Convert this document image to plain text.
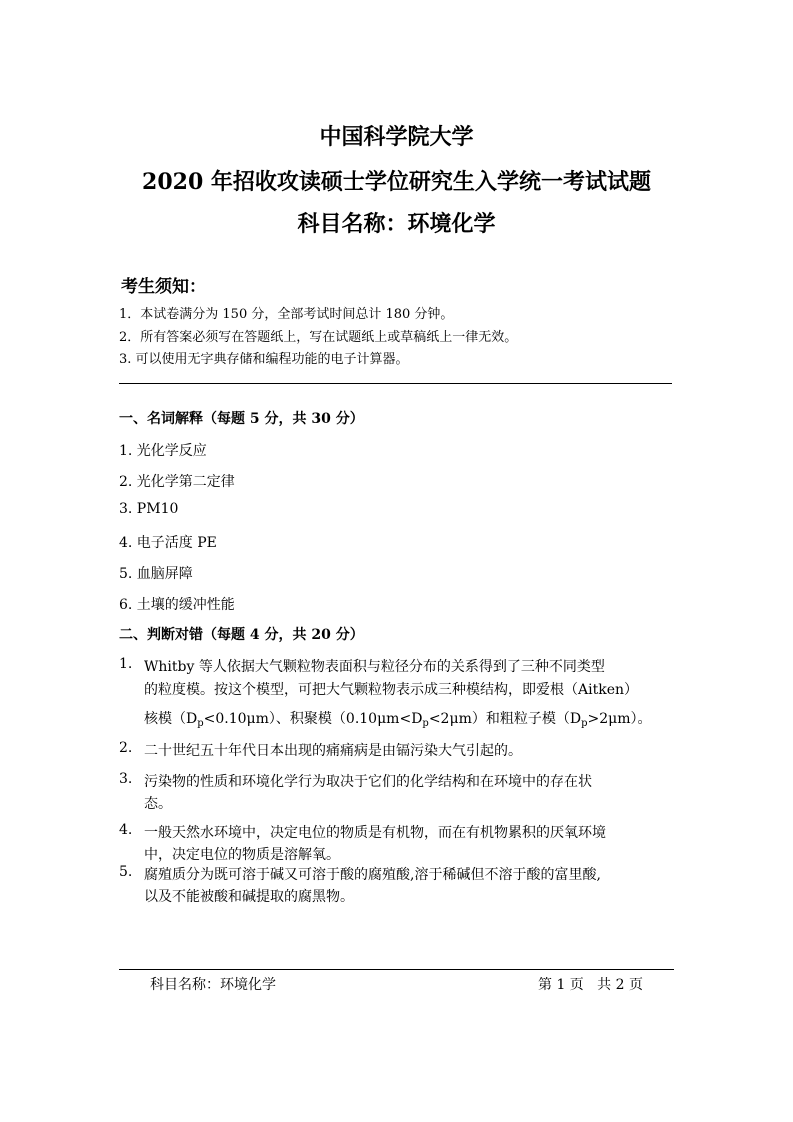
中国科学院大学
2020 年招收攻读硕士学位研究生入学统一考试试题
科目名称：环境化学
考生须知：
1．本试卷满分为 150 分，全部考试时间总计 180 分钟。
2．所有答案必须写在答题纸上，写在试题纸上或草稿纸上一律无效。
3. 可以使用无字典存储和编程功能的电子计算器。
一、名词解释（每题 5 分，共 30 分）
1. 光化学反应
2. 光化学第二定律
3. PM10
4. 电子活度 PE
5. 血脑屏障
6. 土壤的缓冲性能
二、判断对错（每题 4 分，共 20 分）
1. Whitby 等人依据大气颗粒物表面积与粒径分布的关系得到了三种不同类型
的粒度模。按这个模型，可把大气颗粒物表示成三种模结构，即爱根（Aitken）
核模$(D_p<0.10\mu m)$、积聚模$(0.10\mu m<D_p<2\mu m)$和粗粒子模$(D_p>2\mu m)$。
2. 二十世纪五十年代日本出现的痛痛病是由镉污染大气引起的。
3. 污染物的性质和环境化学行为取决于它们的化学结构和在环境中的存在状
态。
4. 一般天然水环境中，决定电位的物质是有机物，而在有机物累积的厌氧环境
中，决定电位的物质是溶解氧。
5. 腐殖质分为既可溶于碱又可溶于酸的腐殖酸,溶于稀碱但不溶于酸的富里酸,
以及不能被酸和碱提取的腐黑物。
科目名称：环境化学	第 1 页 共 2 页
